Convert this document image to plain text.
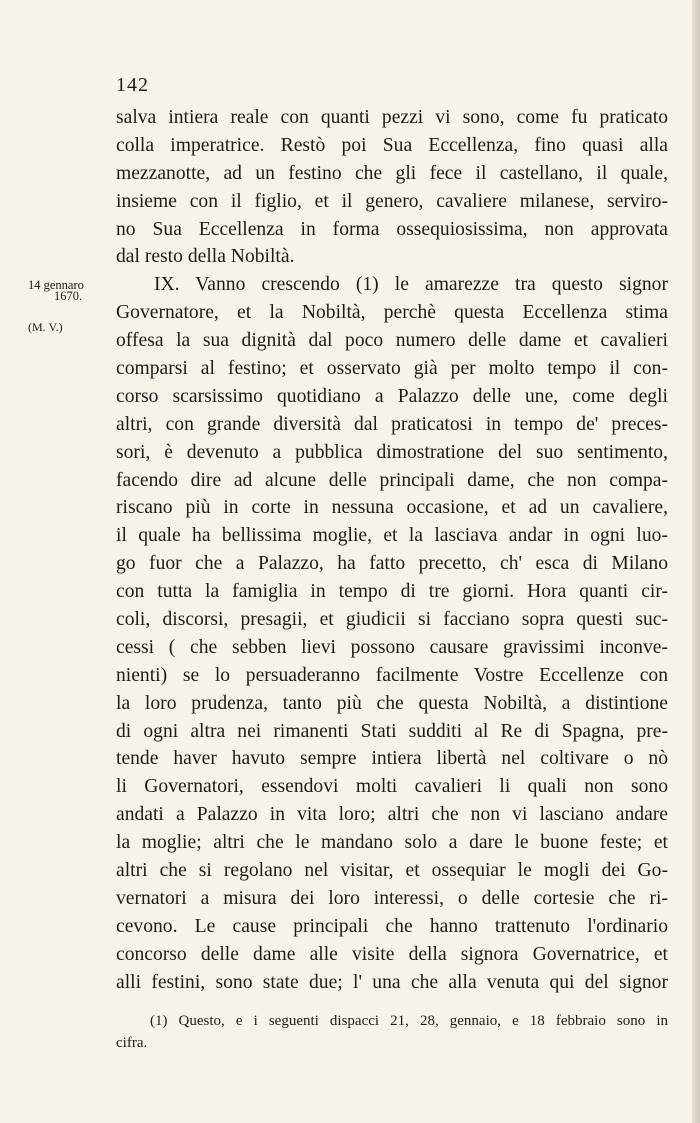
142
14 gennaro
1670.
(M. V.)
salva intiera reale con quanti pezzi vi sono, come fu praticato
colla imperatrice. Restò poi Sua Eccellenza, fino quasi alla
mezzanotte, ad un festino che gli fece il castellano, il quale,
insieme con il figlio, et il genero, cavaliere milanese, serviro-
no Sua Eccellenza in forma ossequiosissima, non approvata
dal resto della Nobiltà.
IX. Vanno crescendo (1) le amarezze tra questo signor
Governatore, et la Nobiltà, perchè questa Eccellenza stima
offesa la sua dignità dal poco numero delle dame et cavalieri
comparsi al festino; et osservato già per molto tempo il con-
corso scarsissimo quotidiano a Palazzo delle une, come degli
altri, con grande diversità dal praticatosi in tempo de' preces-
sori, è devenuto a pubblica dimostratione del suo sentimento,
facendo dire ad alcune delle principali dame, che non compa-
riscano più in corte in nessuna occasione, et ad un cavaliere,
il quale ha bellissima moglie, et la lasciava andar in ogni luo-
go fuor che a Palazzo, ha fatto precetto, ch' esca di Milano
con tutta la famiglia in tempo di tre giorni. Hora quanti cir-
coli, discorsi, presagii, et giudicii si facciano sopra questi suc-
cessi ( che sebben lievi possono causare gravissimi inconve-
nienti) se lo persuaderanno facilmente Vostre Eccellenze con
la loro prudenza, tanto più che questa Nobiltà, a distintione
di ogni altra nei rimanenti Stati sudditi al Re di Spagna, pre-
tende haver havuto sempre intiera libertà nel coltivare o nò
li Governatori, essendovi molti cavalieri li quali non sono
andati a Palazzo in vita loro; altri che non vi lasciano andare
la moglie; altri che le mandano solo a dare le buone feste; et
altri che si regolano nel visitar, et ossequiar le mogli dei Go-
vernatori a misura dei loro interessi, o delle cortesie che ri-
cevono. Le cause principali che hanno trattenuto l'ordinario
concorso delle dame alle visite della signora Governatrice, et
alli festini, sono state due; l' una che alla venuta qui del signor
(1) Questo, e i seguenti dispacci 21, 28, gennaio, e 18 febbraio sono in
cifra.
